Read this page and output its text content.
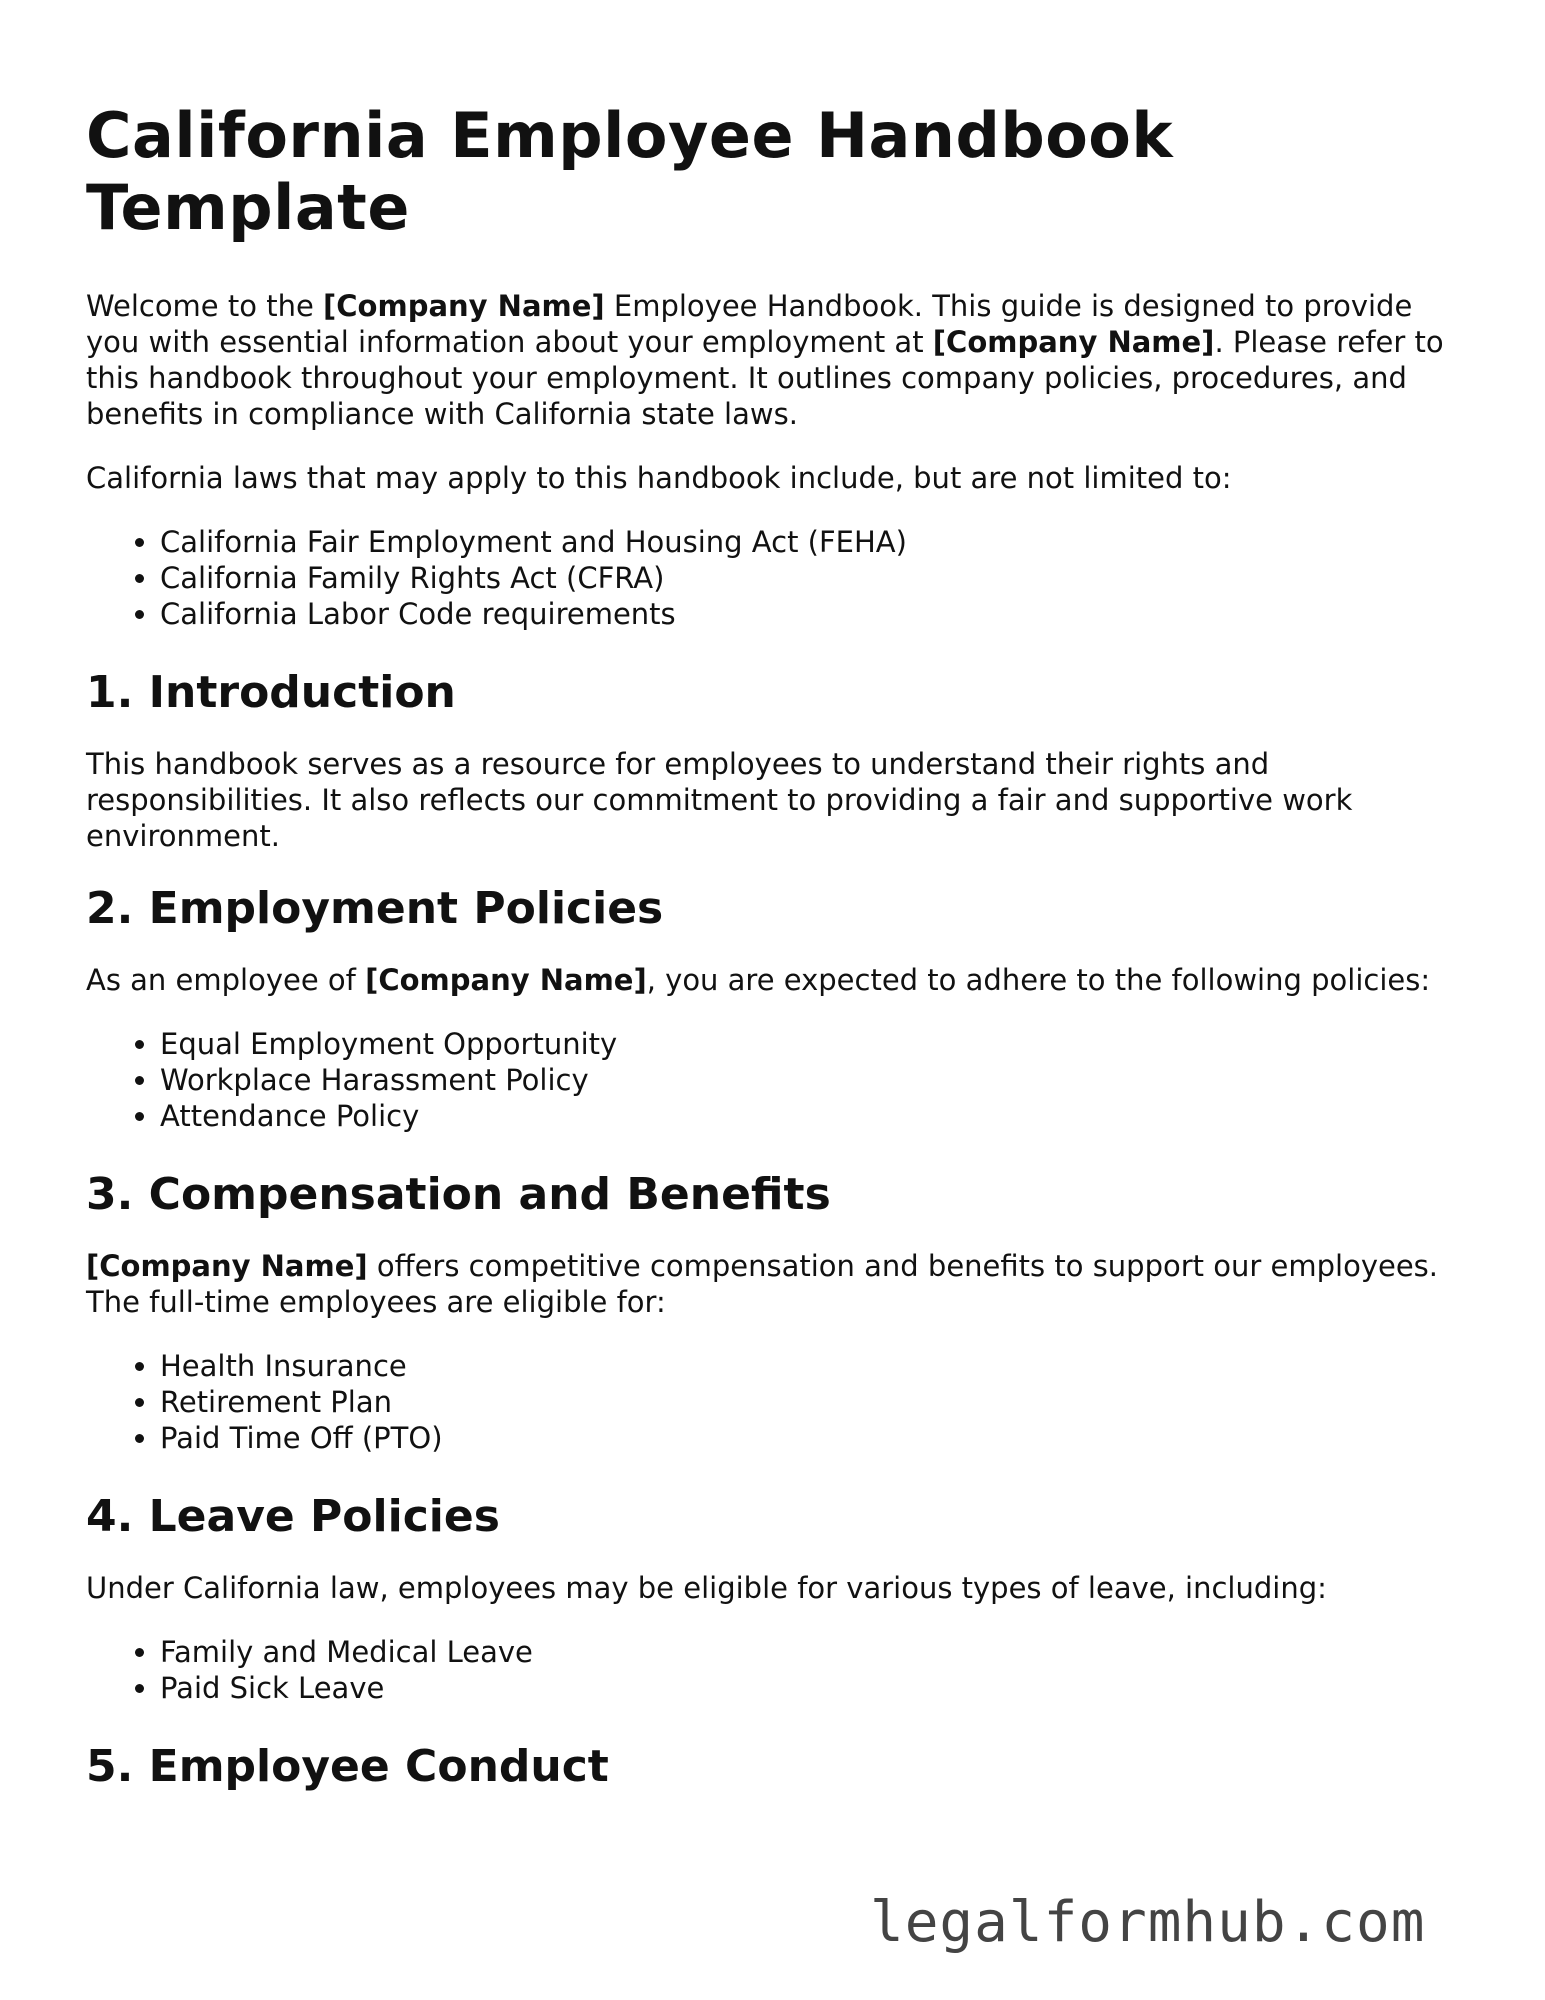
California Employee Handbook Template

Welcome to the [Company Name] Employee Handbook. This guide is designed to provide you with essential information about your employment at [Company Name]. Please refer to this handbook throughout your employment. It outlines company policies, procedures, and benefits in compliance with California state laws.

California laws that may apply to this handbook include, but are not limited to:

• California Fair Employment and Housing Act (FEHA)
• California Family Rights Act (CFRA)
• California Labor Code requirements
1. Introduction

This handbook serves as a resource for employees to understand their rights and responsibilities. It also reflects our commitment to providing a fair and supportive work environment.

2. Employment Policies

As an employee of [Company Name], you are expected to adhere to the following policies:

• Equal Employment Opportunity
• Workplace Harassment Policy
• Attendance Policy
3. Compensation and Benefits

[Company Name] offers competitive compensation and benefits to support our employees. The full-time employees are eligible for:

• Health Insurance
• Retirement Plan
• Paid Time Off (PTO)
4. Leave Policies

Under California law, employees may be eligible for various types of leave, including:

• Family and Medical Leave
• Paid Sick Leave
5. Employee Conduct
legalformhub.com
